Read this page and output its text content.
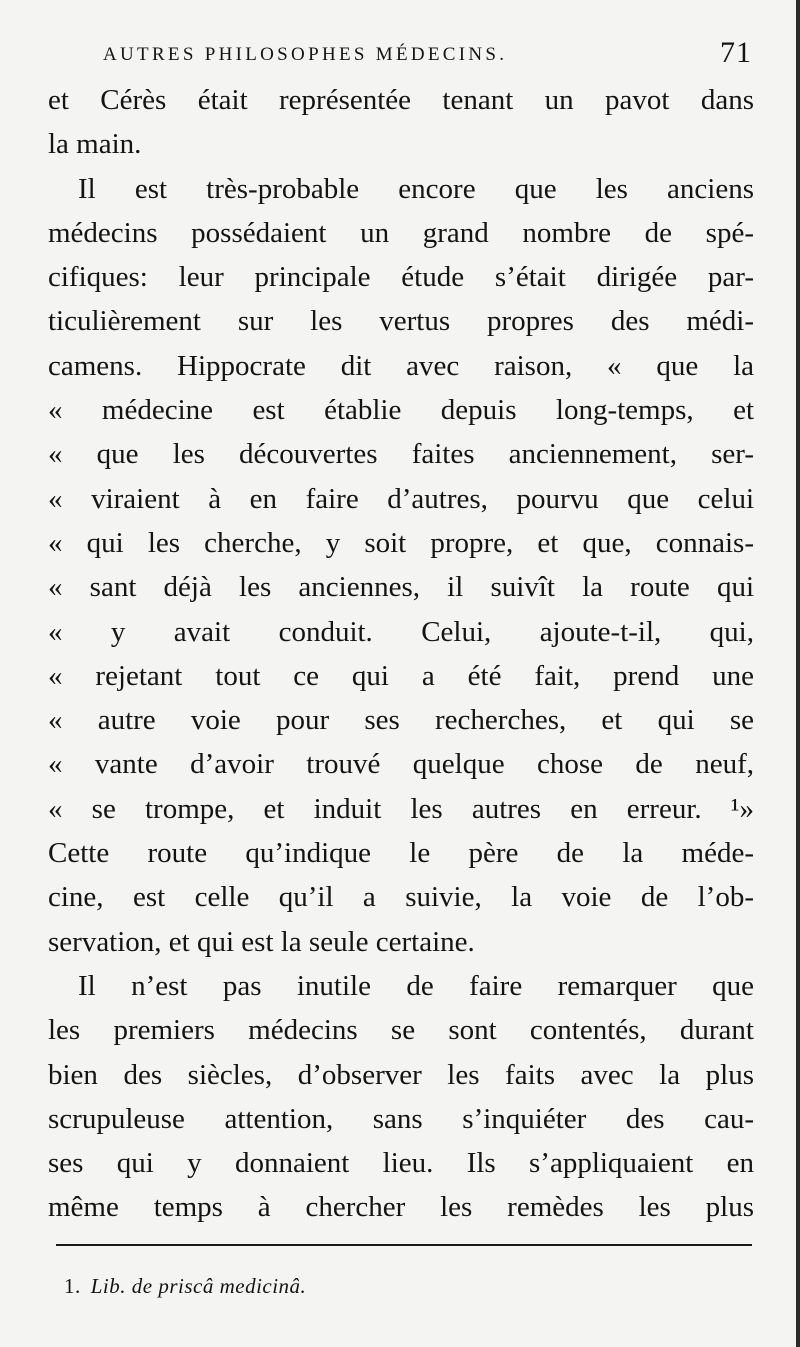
AUTRES PHILOSOPHES MÉDECINS.	71
et Cérès était représentée tenant un pavot dans
la main.
Il est très-probable encore que les anciens
médecins possédaient un grand nombre de spé-
cifiques: leur principale étude s’était dirigée par-
ticulièrement sur les vertus propres des médi-
camens. Hippocrate dit avec raison, « que la
« médecine est établie depuis long-temps, et
« que les découvertes faites anciennement, ser-
« viraient à en faire d’autres, pourvu que celui
« qui les cherche, y soit propre, et que, connais-
« sant déjà les anciennes, il suivît la route qui
« y avait conduit. Celui, ajoute-t-il, qui,
« rejetant tout ce qui a été fait, prend une
« autre voie pour ses recherches, et qui se
« vante d’avoir trouvé quelque chose de neuf,
« se trompe, et induit les autres en erreur. ¹»
Cette route qu’indique le père de la méde-
cine, est celle qu’il a suivie, la voie de l’ob-
servation, et qui est la seule certaine.
Il n’est pas inutile de faire remarquer que
les premiers médecins se sont contentés, durant
bien des siècles, d’observer les faits avec la plus
scrupuleuse attention, sans s’inquiéter des cau-
ses qui y donnaient lieu. Ils s’appliquaient en
même temps à chercher les remèdes les plus
1. Lib. de priscâ medicinâ.
